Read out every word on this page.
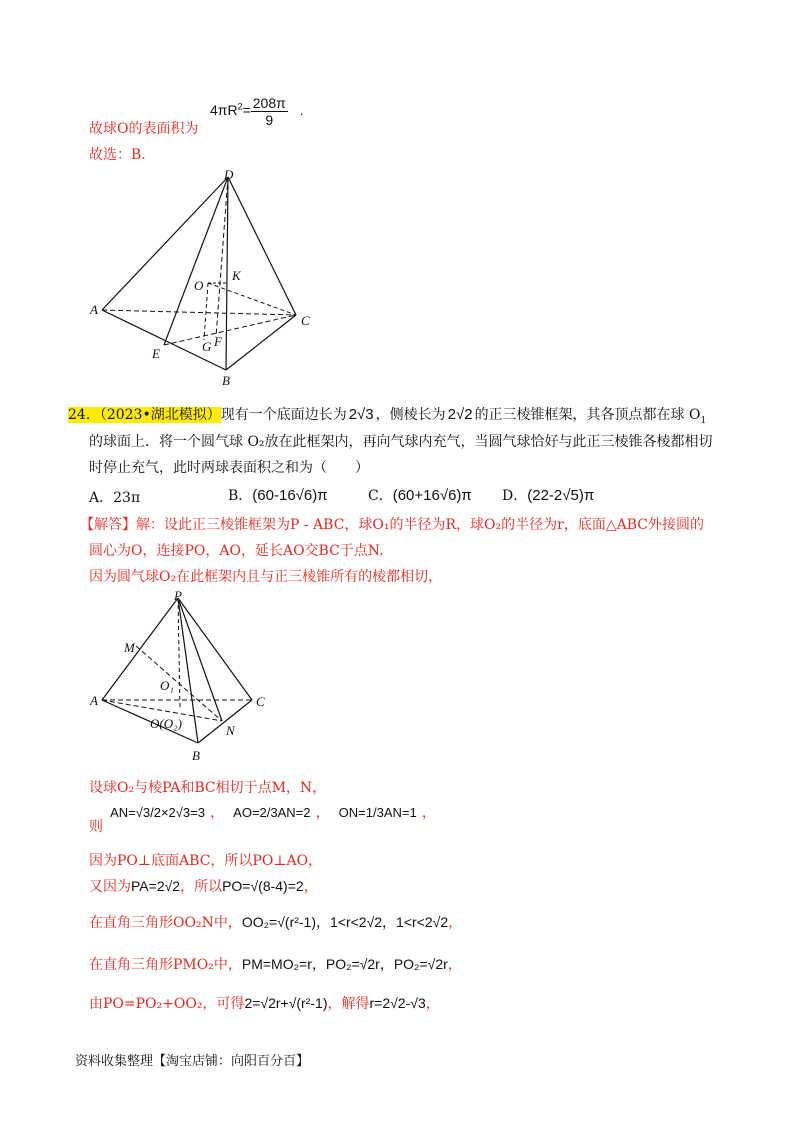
故球O的表面积为
$4\pi R^2= \frac{208\pi}{9}$ .
故选：B.
D
O
K
A
C
E	G F
B
24．（2023•湖北模拟）现有一个底面边长为 2√3 ，侧棱长为 2√2 的正三棱锥框架，其各顶点都在球 $O_1$
的球面上．将一个圆气球 O₂放在此框架内，再向气球内充气，当圆气球恰好与此正三棱锥各棱都相切
时停止充气，此时两球表面积之和为（　　）
A．23π	B．(60-16√6)π	C．(60+16√6)π D．(22-2√5)π
【解答】解：设此正三棱锥框架为P - ABC，球O₁的半径为R，球O₂的半径为r，底面△ABC外接圆的
圆心为O，连接PO，AO，延长AO交BC于点N.
因为圆气球O₂在此框架内且与正三棱锥所有的棱都相切，
P
M
O₁
A	C
O(O₂)	N
B
设球O₂与棱PA和BC相切于点M，N，
则 AN=√3/2×2√3=3 ， AO=2/3AN=2 ， ON=1/3AN=1 ，
因为PO⊥底面ABC，所以PO⊥AO，
又因为PA=2√2，所以PO=√(8-4)=2，
在直角三角形OO₂N中，OO₂=√(r²-1)，1<r<2√2，1<r<2√2，
在直角三角形PMO₂中，PM=MO₂=r，PO₂=√2r，PO₂=√2r，
由PO=PO₂+OO₂，可得2=√2r+√(r²-1)，解得r=2√2-√3，
资料收集整理【淘宝店铺：向阳百分百】
